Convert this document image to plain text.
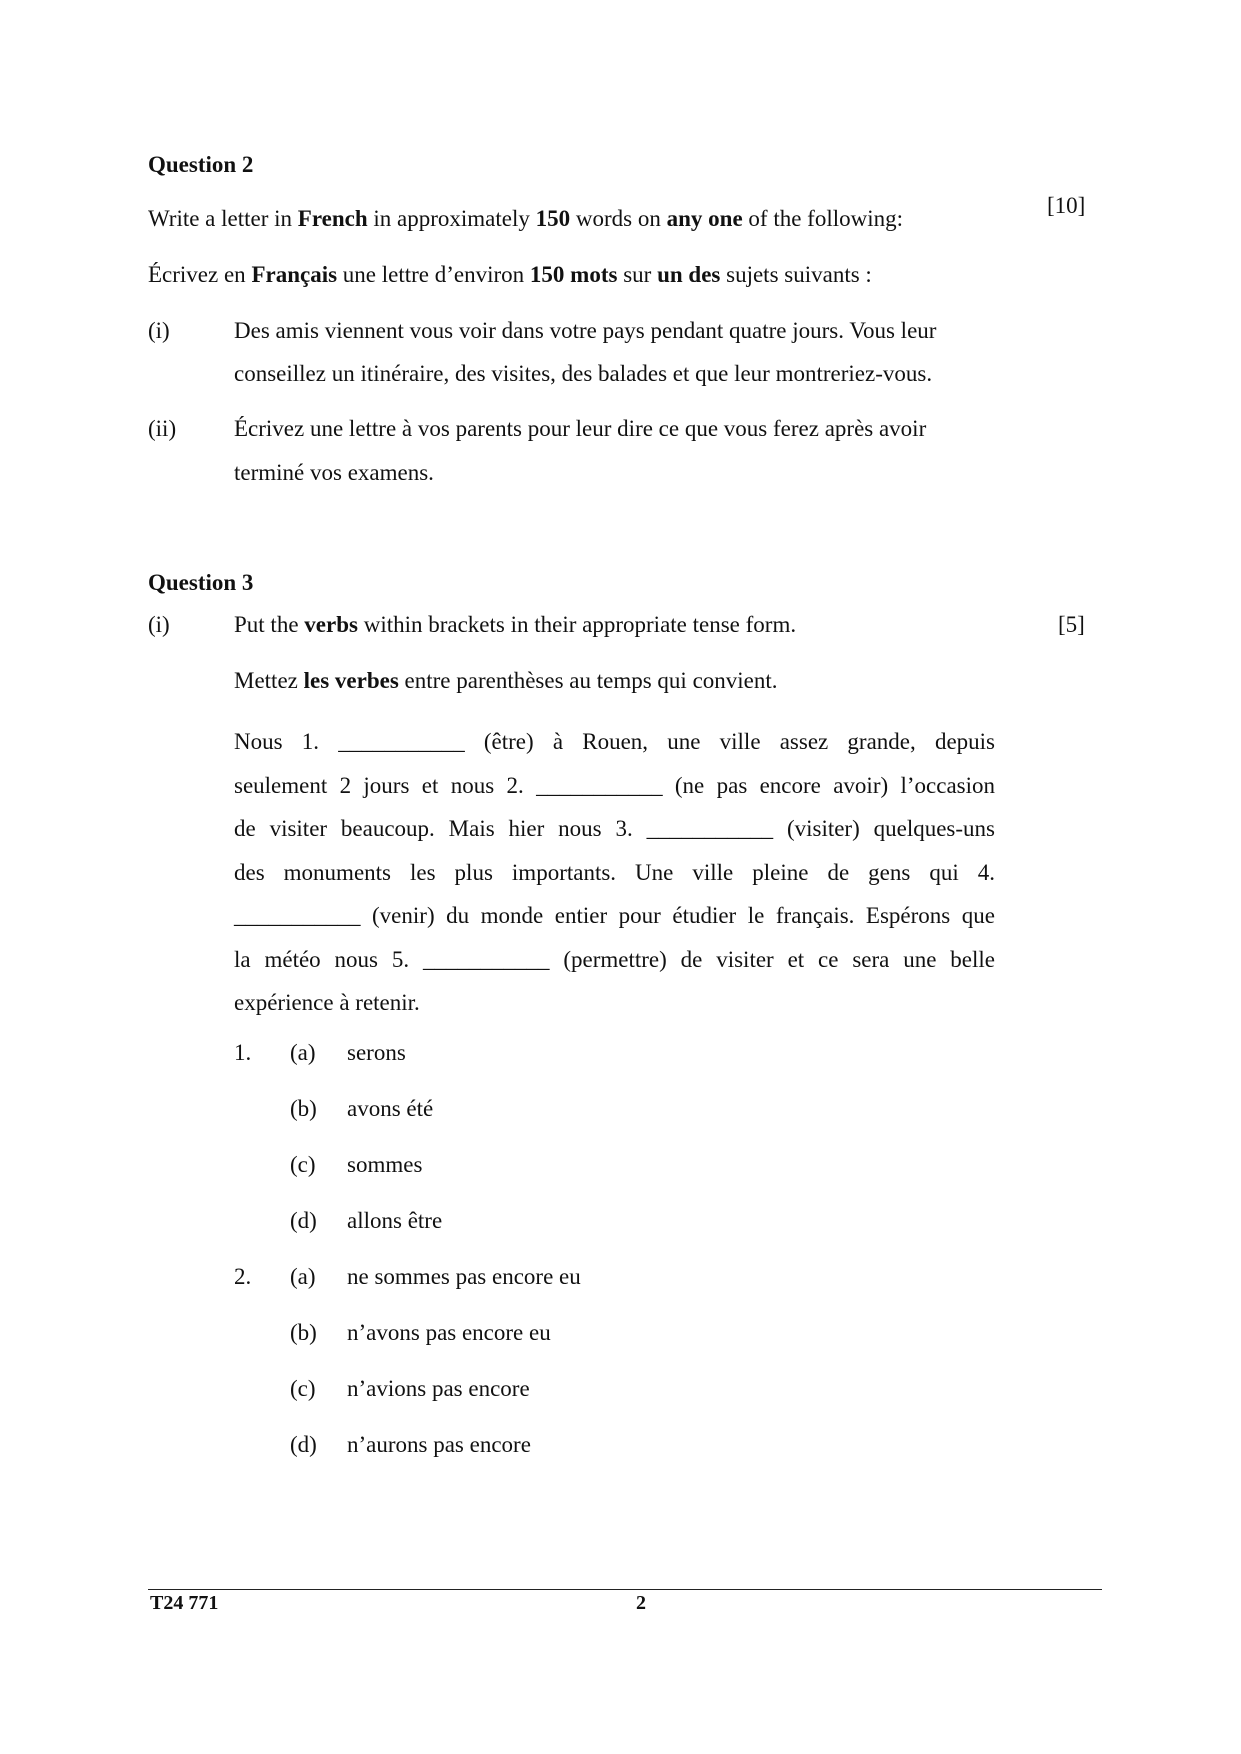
Question 2
Write a letter in French in approximately 150 words on any one of the following:
[10]
Écrivez en Français une lettre d’environ 150 mots sur un des sujets suivants :
(i)	Des amis viennent vous voir dans votre pays pendant quatre jours. Vous leur
conseillez un itinéraire, des visites, des balades et que leur montreriez-vous.
(ii)	Écrivez une lettre à vos parents pour leur dire ce que vous ferez après avoir
terminé vos examens.
Question 3
(i)	Put the verbs within brackets in their appropriate tense form.	[5]
Mettez les verbes entre parenthèses au temps qui convient.
Nous 1. ___________ (être) à Rouen, une ville assez grande, depuis
seulement 2 jours et nous 2. ___________ (ne pas encore avoir) l’occasion
de visiter beaucoup. Mais hier nous 3. ___________ (visiter) quelques-uns
des monuments les plus importants. Une ville pleine de gens qui 4.
___________ (venir) du monde entier pour étudier le français. Espérons que
la météo nous 5. ___________ (permettre) de visiter et ce sera une belle
expérience à retenir.
1. (a) serons
(b) avons été
(c) sommes
(d) allons être
2. (a) ne sommes pas encore eu
(b) n’avons pas encore eu
(c) n’avions pas encore
(d) n’aurons pas encore
T24 771	2
